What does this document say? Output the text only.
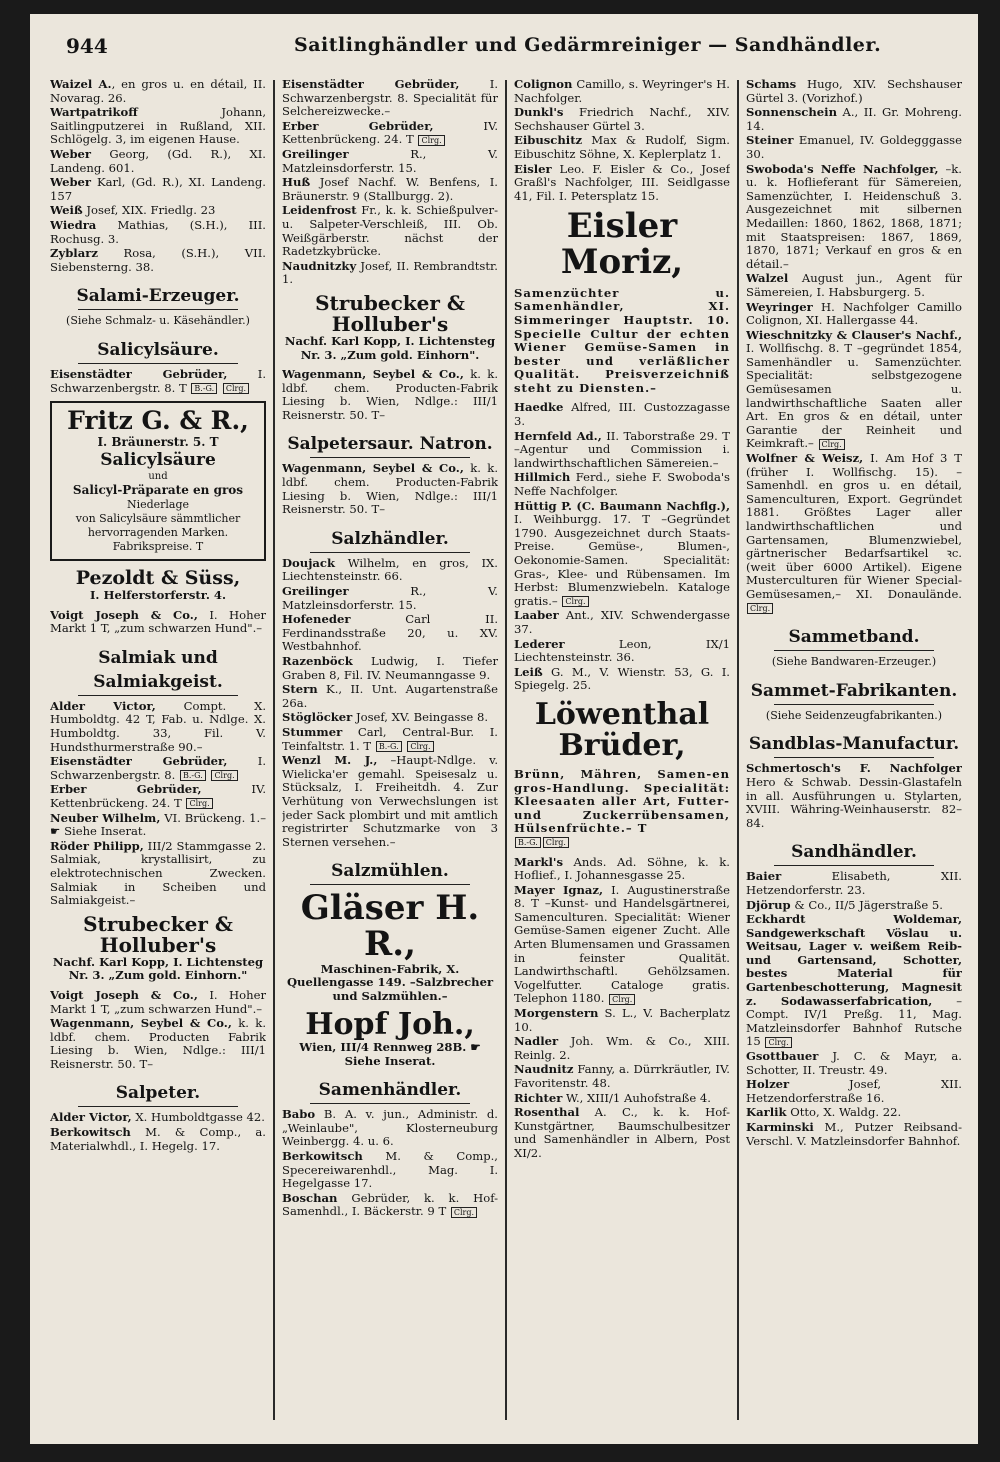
944	Saitlinghändler und Gedärmreiniger — Sandhändler.
Waizel A., en gros u. en détail, II. Novarag. 26.
Wartpatrikoff Johann, Saitlingputzerei in Rußland, XII. Schlögelg. 3, im eigenen Hause.
Weber Georg, (Gd. R.), XI. Landeng. 601.
Weber Karl, (Gd. R.), XI. Landeng. 157
Weiß Josef, XIX. Friedlg. 23
Wiedra Mathias, (S.H.), III. Rochusg. 3.
Zyblarz Rosa, (S.H.), VII. Siebensterng. 38.
Salami-Erzeuger.
(Siehe Schmalz- u. Käsehändler.)
Salicylsäure.
Eisenstädter Gebrüder, I. Schwarzenbergstr. 8. T B.-G. Clrg.
Fritz G. & R.,
I. Bräunerstr. 5. T
Salicylsäure
und
Salicyl-Präparate en gros
Niederlage
von Salicylsäure sämmtlicher hervorragenden Marken.
Fabrikspreise. T
Pezoldt & Süss,
I. Helferstorferstr. 4.
Voigt Joseph & Co., I. Hoher Markt 1 T, „zum schwarzen Hund".–
Salmiak und Salmiakgeist.
Alder Victor, Compt. X. Humboldtg. 42 T, Fab. u. Ndlge. X. Humboldtg. 33, Fil. V. Hundsthurmerstraße 90.–
Eisenstädter Gebrüder, I. Schwarzenbergstr. 8. B.-G. Clrg.
Erber Gebrüder, IV. Kettenbrückeng. 24. T Clrg.
Neuber Wilhelm, VI. Brückeng. 1.– ☛ Siehe Inserat.
Röder Philipp, III/2 Stammgasse 2. Salmiak, krystallisirt, zu elektrotechnischen Zwecken. Salmiak in Scheiben und Salmiakgeist.–
Strubecker & Holluber's
Nachf. Karl Kopp, I. Lichtensteg Nr. 3. „Zum gold. Einhorn."
Voigt Joseph & Co., I. Hoher Markt 1 T, „zum schwarzen Hund".–
Wagenmann, Seybel & Co., k. k. ldbf. chem. Producten Fabrik Liesing b. Wien, Ndlge.: III/1 Reisnerstr. 50. T–
Salpeter.
Alder Victor, X. Humboldtgasse 42.
Berkowitsch M. & Comp., a. Materialwhdl., I. Hegelg. 17.
Eisenstädter Gebrüder, I. Schwarzenbergstr. 8. Specialität für Selchereizwecke.–
Erber Gebrüder, IV. Kettenbrückeng. 24. T Clrg.
Greilinger R., V. Matzleinsdorferstr. 15.
Huß Josef Nachf. W. Benfens, I. Bräunerstr. 9 (Stallburgg. 2).
Leidenfrost Fr., k. k. Schießpulver- u. Salpeter-Verschleiß, III. Ob. Weißgärberstr. nächst der Radetzkybrücke.
Naudnitzky Josef, II. Rembrandtstr. 1.
Strubecker & Holluber's
Nachf. Karl Kopp, I. Lichtensteg Nr. 3. „Zum gold. Einhorn".
Wagenmann, Seybel & Co., k. k. ldbf. chem. Producten-Fabrik Liesing b. Wien, Ndlge.: III/1 Reisnerstr. 50. T–
Salpetersaur. Natron.
Wagenmann, Seybel & Co., k. k. ldbf. chem. Producten-Fabrik Liesing b. Wien, Ndlge.: III/1 Reisnerstr. 50. T–
Salzhändler.
Doujack Wilhelm, en gros, IX. Liechtensteinstr. 66.
Greilinger R., V. Matzleinsdorferstr. 15.
Hofeneder Carl II. Ferdinandsstraße 20, u. XV. Westbahnhof.
Razenböck Ludwig, I. Tiefer Graben 8, Fil. IV. Neumanngasse 9.
Stern K., II. Unt. Augartenstraße 26a.
Stöglöcker Josef, XV. Beingasse 8.
Stummer Carl, Central-Bur. I. Teinfaltstr. 1. T B.-G. Clrg.
Wenzl M. J., –Haupt-Ndlge. v. Wielicka'er gemahl. Speisesalz u. Stücksalz, I. Freiheitdh. 4. Zur Verhütung von Verwechslungen ist jeder Sack plombirt und mit amtlich registrirter Schutzmarke von 3 Sternen versehen.–
Salzmühlen.
Gläser H. R.,
Maschinen-Fabrik, X. Quellengasse 149. –Salzbrecher und Salzmühlen.–
Hopf Joh.,
Wien, III/4 Rennweg 28B. ☛ Siehe Inserat.
Samenhändler.
Babo B. A. v. jun., Administr. d. „Weinlaube", Klosterneuburg Weinbergg. 4. u. 6.
Berkowitsch M. & Comp., Specereiwarenhdl., Mag. I. Hegelgasse 17.
Boschan Gebrüder, k. k. Hof-Samenhdl., I. Bäckerstr. 9 T Clrg.
Colignon Camillo, s. Weyringer's H. Nachfolger.
Dunkl's Friedrich Nachf., XIV. Sechshauser Gürtel 3.
Eibuschitz Max & Rudolf, Sigm. Eibuschitz Söhne, X. Keplerplatz 1.
Eisler Leo. F. Eisler & Co., Josef Graßl's Nachfolger, III. Seidlgasse 41, Fil. I. Petersplatz 15.
Eisler Moriz,
Samenzüchter u. Samenhändler, XI. Simmeringer Hauptstr. 10. Specielle Cultur der echten Wiener Gemüse-Samen in bester und verläßlicher Qualität. Preisverzeichniß steht zu Diensten.–
Haedke Alfred, III. Custozzagasse 3.
Hernfeld Ad., II. Taborstraße 29. T –Agentur und Commission i. landwirthschaftlichen Sämereien.–
Hillmich Ferd., siehe F. Swoboda's Neffe Nachfolger.
Hüttig P. (C. Baumann Nachflg.), I. Weihburgg. 17. T –Gegründet 1790. Ausgezeichnet durch Staats-Preise. Gemüse-, Blumen-, Oekonomie-Samen. Specialität: Gras-, Klee- und Rübensamen. Im Herbst: Blumenzwiebeln. Kataloge gratis.– Clrg.
Laaber Ant., XIV. Schwendergasse 37.
Lederer Leon, IX/1 Liechtensteinstr. 36.
Leiß G. M., V. Wienstr. 53, G. I. Spiegelg. 25.
Löwenthal Brüder,
Brünn, Mähren, Samen-en gros-Handlung. Specialität: Kleesaaten aller Art, Futter- und Zuckerrübensamen, Hülsenfrüchte.– T
B.-G. Clrg.
Markl's Ands. Ad. Söhne, k. k. Hoflief., I. Johannesgasse 25.
Mayer Ignaz, I. Augustinerstraße 8. T –Kunst- und Handelsgärtnerei, Samenculturen. Specialität: Wiener Gemüse-Samen eigener Zucht. Alle Arten Blumensamen und Grassamen in feinster Qualität. Landwirthschaftl. Gehölzsamen. Vogelfutter. Cataloge gratis. Telephon 1180. Clrg.
Morgenstern S. L., V. Bacherplatz 10.
Nadler Joh. Wm. & Co., XIII. Reinlg. 2.
Naudnitz Fanny, a. Dürrkräutler, IV. Favoritenstr. 48.
Richter W., XIII/1 Auhofstraße 4.
Rosenthal A. C., k. k. Hof-Kunstgärtner, Baumschulbesitzer und Samenhändler in Albern, Post XI/2.
Schams Hugo, XIV. Sechshauser Gürtel 3. (Vorizhof.)
Sonnenschein A., II. Gr. Mohreng. 14.
Steiner Emanuel, IV. Goldegggasse 30.
Swoboda's Neffe Nachfolger, –k. u. k. Hoflieferant für Sämereien, Samenzüchter, I. Heidenschuß 3. Ausgezeichnet mit silbernen Medaillen: 1860, 1862, 1868, 1871; mit Staatspreisen: 1867, 1869, 1870, 1871; Verkauf en gros & en détail.–
Walzel August jun., Agent für Sämereien, I. Habsburgerg. 5.
Weyringer H. Nachfolger Camillo Colignon, XI. Hallergasse 44.
Wieschnitzky & Clauser's Nachf., I. Wollfischg. 8. T –gegründet 1854, Samenhändler u. Samenzüchter. Specialität: selbstgezogene Gemüsesamen u. landwirthschaftliche Saaten aller Art. En gros & en détail, unter Garantie der Reinheit und Keimkraft.– Clrg.
Wolfner & Weisz, I. Am Hof 3 T (früher I. Wollfischg. 15). –Samenhdl. en gros u. en détail, Samenculturen, Export. Gegründet 1881. Größtes Lager aller landwirthschaftlichen und Gartensamen, Blumenzwiebel, gärtnerischer Bedarfsartikel ꝛc. (weit über 6000 Artikel). Eigene Musterculturen für Wiener Special-Gemüsesamen,– XI. Donaulände. Clrg.
Sammetband.
(Siehe Bandwaren-Erzeuger.)
Sammet-Fabrikanten.
(Siehe Seidenzeugfabrikanten.)
Sandblas-Manufactur.
Schmertosch's F. Nachfolger Hero & Schwab. Dessin-Glastafeln in all. Ausführungen u. Stylarten, XVIII. Währing-Weinhauserstr. 82–84.
Sandhändler.
Baier Elisabeth, XII. Hetzendorferstr. 23.
Djörup & Co., II/5 Jägerstraße 5.
Eckhardt Woldemar, Sandgewerkschaft Vöslau u. Weitsau, Lager v. weißem Reib- und Gartensand, Schotter, bestes Material für Gartenbeschotterung, Magnesit z. Sodawasserfabrication, – Compt. IV/1 Preßg. 11, Mag. Matzleinsdorfer Bahnhof Rutsche 15 Clrg.
Gsottbauer J. C. & Mayr, a. Schotter, II. Treustr. 49.
Holzer Josef, XII. Hetzendorferstraße 16.
Karlik Otto, X. Waldg. 22.
Karminski M., Putzer Reibsand-Verschl. V. Matzleinsdorfer Bahnhof.
